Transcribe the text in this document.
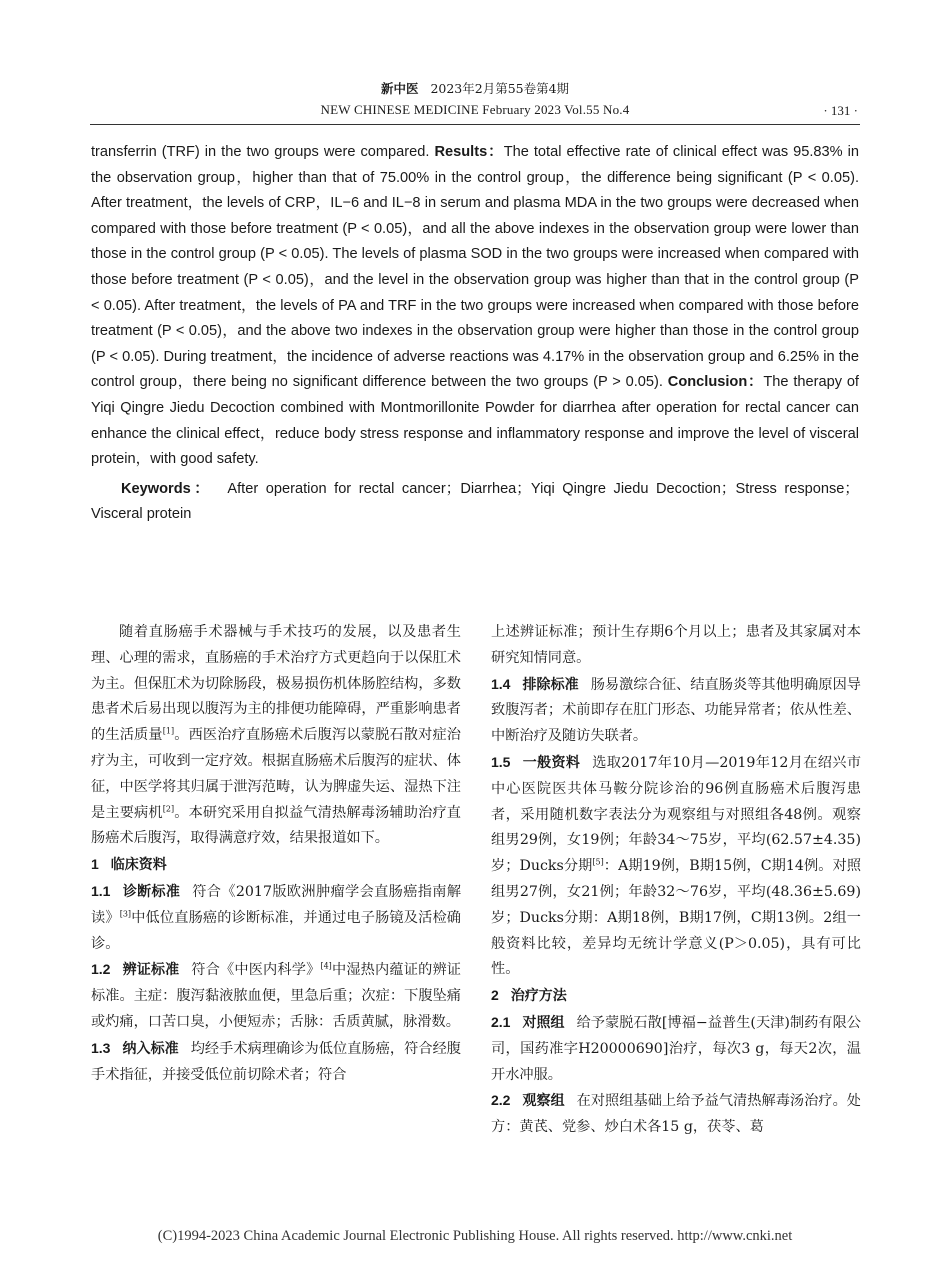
新中医 2023年2月第55卷第4期
NEW CHINESE MEDICINE February 2023 Vol.55 No.4	· 131 ·

transferrin (TRF) in the two groups were compared. Results：The total effective rate of clinical effect was 95.83% in the observation group，higher than that of 75.00% in the control group，the difference being significant (P < 0.05). After treatment，the levels of CRP，IL−6 and IL−8 in serum and plasma MDA in the two groups were decreased when compared with those before treatment (P < 0.05)，and all the above indexes in the observation group were lower than those in the control group (P < 0.05). The levels of plasma SOD in the two groups were increased when compared with those before treatment (P < 0.05)，and the level in the observation group was higher than that in the control group (P < 0.05). After treatment，the levels of PA and TRF in the two groups were increased when compared with those before treatment (P < 0.05)，and the above two indexes in the observation group were higher than those in the control group (P < 0.05). During treatment，the incidence of adverse reactions was 4.17% in the observation group and 6.25% in the control group，there being no significant difference between the two groups (P > 0.05). Conclusion：The therapy of Yiqi Qingre Jiedu Decoction combined with Montmorillonite Powder for diarrhea after operation for rectal cancer can enhance the clinical effect，reduce body stress response and inflammatory response and improve the level of visceral protein，with good safety.

Keywords： After operation for rectal cancer；Diarrhea；Yiqi Qingre Jiedu Decoction；Stress response；Visceral protein

随着直肠癌手术器械与手术技巧的发展，以及患者生理、心理的需求，直肠癌的手术治疗方式更趋向于以保肛术为主。但保肛术为切除肠段，极易损伤机体肠腔结构，多数患者术后易出现以腹泻为主的排便功能障碍，严重影响患者的生活质量[1]。西医治疗直肠癌术后腹泻以蒙脱石散对症治疗为主，可收到一定疗效。根据直肠癌术后腹泻的症状、体征，中医学将其归属于泄泻范畴，认为脾虚失运、湿热下注是主要病机[2]。本研究采用自拟益气清热解毒汤辅助治疗直肠癌术后腹泻，取得满意疗效，结果报道如下。

1 临床资料

1.1 诊断标准 符合《2017版欧洲肿瘤学会直肠癌指南解读》[3]中低位直肠癌的诊断标准，并通过电子肠镜及活检确诊。

1.2 辨证标准 符合《中医内科学》[4]中湿热内蕴证的辨证标准。主症：腹泻黏液脓血便，里急后重；次症：下腹坠痛或灼痛，口苦口臭，小便短赤；舌脉：舌质黄腻，脉滑数。

1.3 纳入标准 均经手术病理确诊为低位直肠癌，符合经腹手术指征，并接受低位前切除术者；符合

上述辨证标准；预计生存期6个月以上；患者及其家属对本研究知情同意。

1.4 排除标准 肠易激综合征、结直肠炎等其他明确原因导致腹泻者；术前即存在肛门形态、功能异常者；依从性差、中断治疗及随访失联者。

1.5 一般资料 选取2017年10月—2019年12月在绍兴市中心医院医共体马鞍分院诊治的96例直肠癌术后腹泻患者，采用随机数字表法分为观察组与对照组各48例。观察组男29例，女19例；年龄34～75岁，平均(62.57±4.35)岁；Ducks分期[5]：A期19例，B期15例，C期14例。对照组男27例，女21例；年龄32～76岁，平均(48.36±5.69)岁；Ducks分期：A期18例，B期17例，C期13例。2组一般资料比较，差异均无统计学意义(P＞0.05)，具有可比性。

2 治疗方法

2.1 对照组 给予蒙脱石散[博福−益普生(天津)制药有限公司，国药准字H20000690]治疗，每次3 g，每天2次，温开水冲服。

2.2 观察组 在对照组基础上给予益气清热解毒汤治疗。处方：黄芪、党参、炒白术各15 g，茯苓、葛

(C)1994-2023 China Academic Journal Electronic Publishing House. All rights reserved. http://www.cnki.net
